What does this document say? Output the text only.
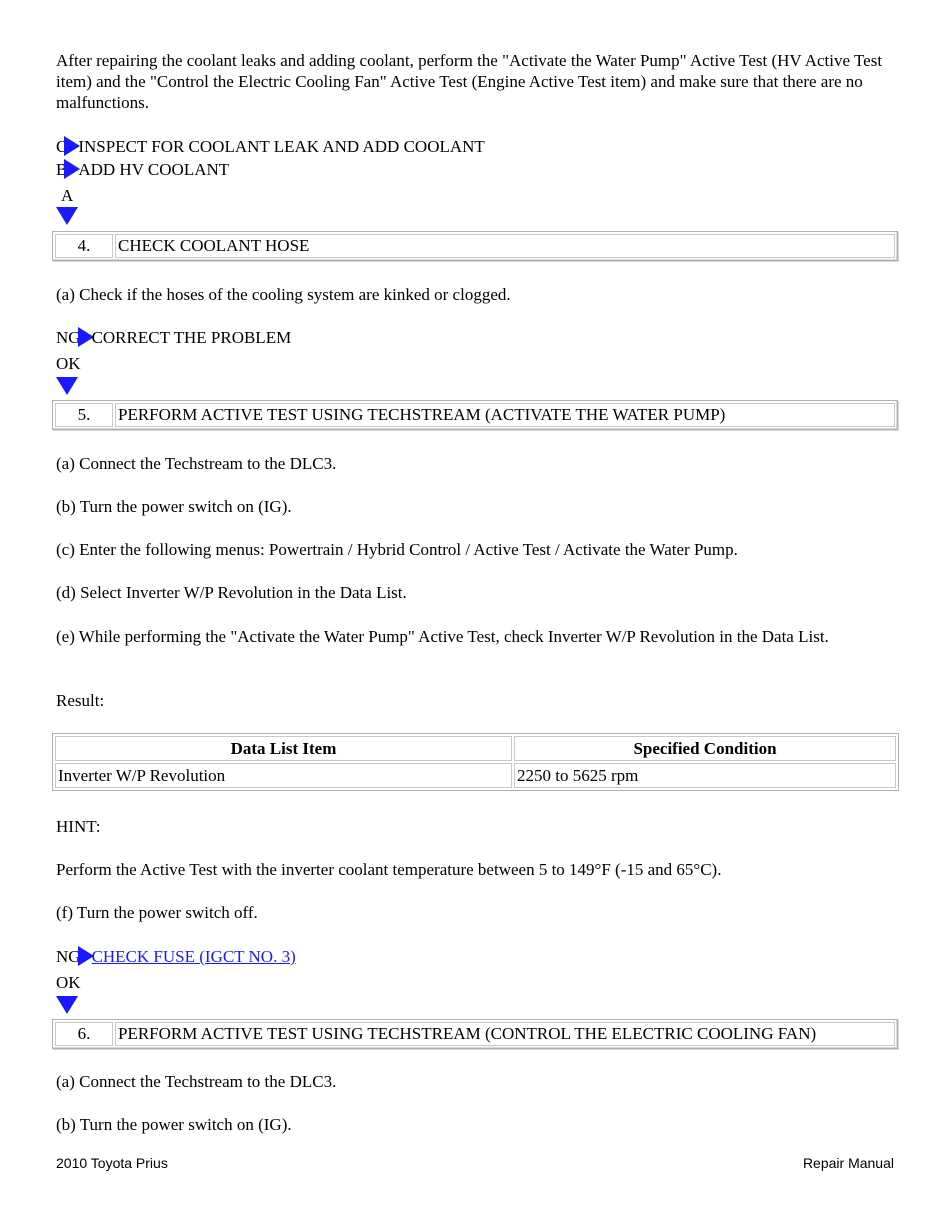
After repairing the coolant leaks and adding coolant, perform the "Activate the Water Pump" Active Test (HV Active Test item) and the "Control the Electric Cooling Fan" Active Test (Engine Active Test item) and make sure that there are no malfunctions.
C INSPECT FOR COOLANT LEAK AND ADD COOLANT
B ADD HV COOLANT
A
4.	CHECK COOLANT HOSE
(a) Check if the hoses of the cooling system are kinked or clogged.
NG CORRECT THE PROBLEM
OK
5.	PERFORM ACTIVE TEST USING TECHSTREAM (ACTIVATE THE WATER PUMP)
(a) Connect the Techstream to the DLC3.
(b) Turn the power switch on (IG).
(c) Enter the following menus: Powertrain / Hybrid Control / Active Test / Activate the Water Pump.
(d) Select Inverter W/P Revolution in the Data List.
(e) While performing the "Activate the Water Pump" Active Test, check Inverter W/P Revolution in the Data List.
Result:
Data List Item	Specified Condition
Inverter W/P Revolution	2250 to 5625 rpm
HINT:
Perform the Active Test with the inverter coolant temperature between 5 to 149°F (-15 and 65°C).
(f) Turn the power switch off.
NG CHECK FUSE (IGCT NO. 3)
OK
6.	PERFORM ACTIVE TEST USING TECHSTREAM (CONTROL THE ELECTRIC COOLING FAN)
(a) Connect the Techstream to the DLC3.
(b) Turn the power switch on (IG).
2010 Toyota Prius	Repair Manual
